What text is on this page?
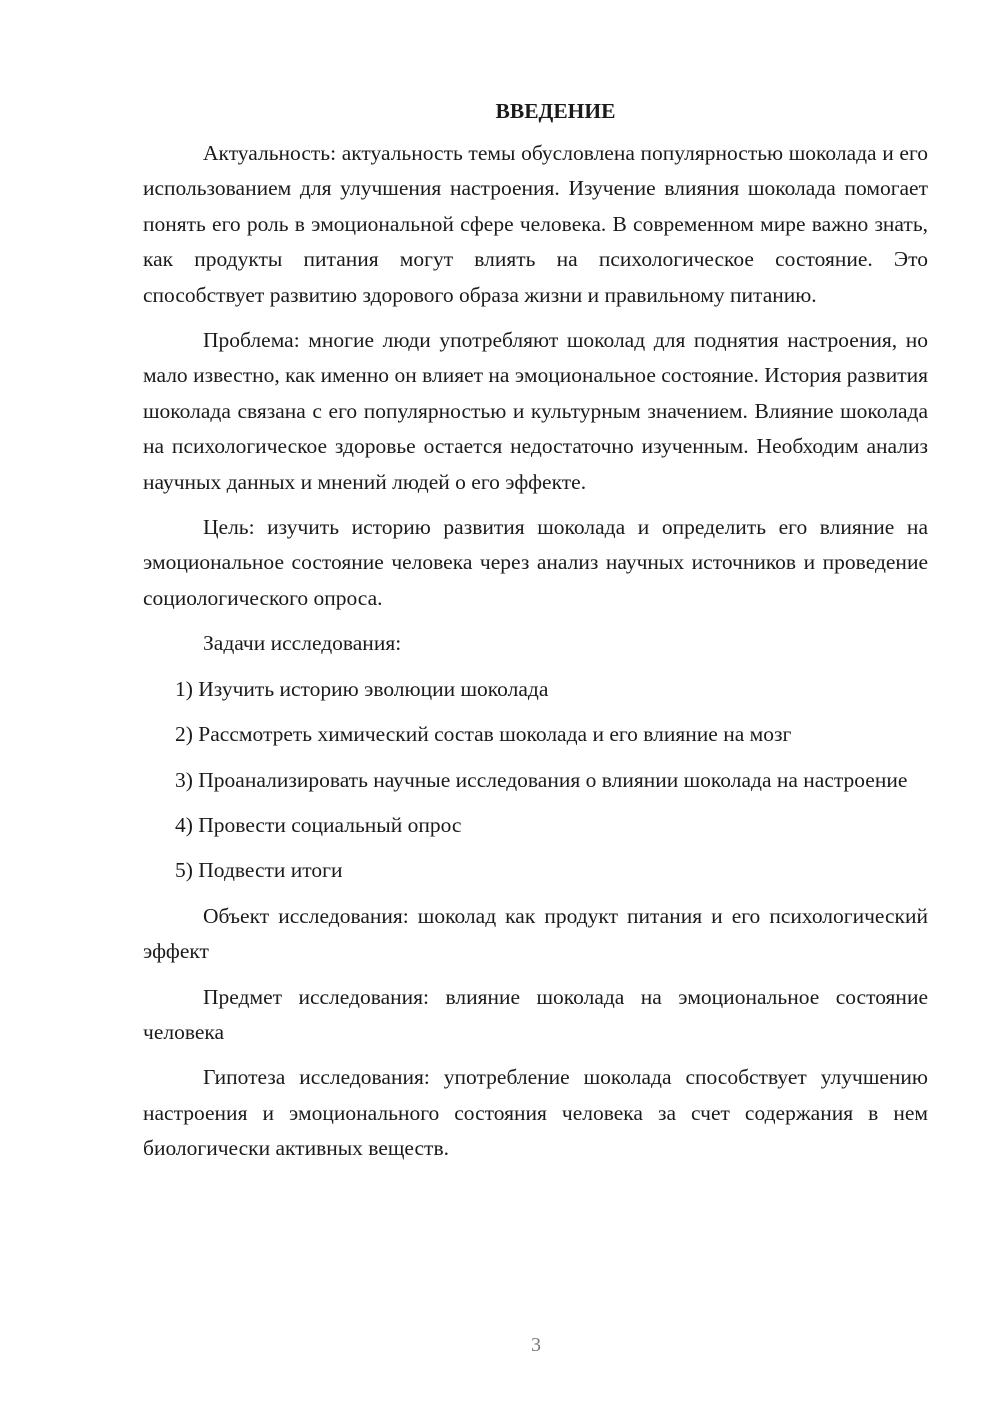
ВВЕДЕНИЕ

Актуальность: актуальность темы обусловлена популярностью шоколада и его использованием для улучшения настроения. Изучение влияния шоколада помогает понять его роль в эмоциональной сфере человека. В современном мире важно знать, как продукты питания могут влиять на психологическое состояние. Это способствует развитию здорового образа жизни и правильному питанию.

Проблема: многие люди употребляют шоколад для поднятия настроения, но мало известно, как именно он влияет на эмоциональное состояние. История развития шоколада связана с его популярностью и культурным значением. Влияние шоколада на психологическое здоровье остается недостаточно изученным. Необходим анализ научных данных и мнений людей о его эффекте.

Цель: изучить историю развития шоколада и определить его влияние на эмоциональное состояние человека через анализ научных источников и проведение социологического опроса.

Задачи исследования:

1) Изучить историю эволюции шоколада

2) Рассмотреть химический состав шоколада и его влияние на мозг

3) Проанализировать научные исследования о влиянии шоколада на настроение

4) Провести социальный опрос

5) Подвести итоги

Объект исследования: шоколад как продукт питания и его психологический эффект

Предмет исследования: влияние шоколада на эмоциональное состояние человека

Гипотеза исследования: употребление шоколада способствует улучшению настроения и эмоционального состояния человека за счет содержания в нем биологически активных веществ.

3
